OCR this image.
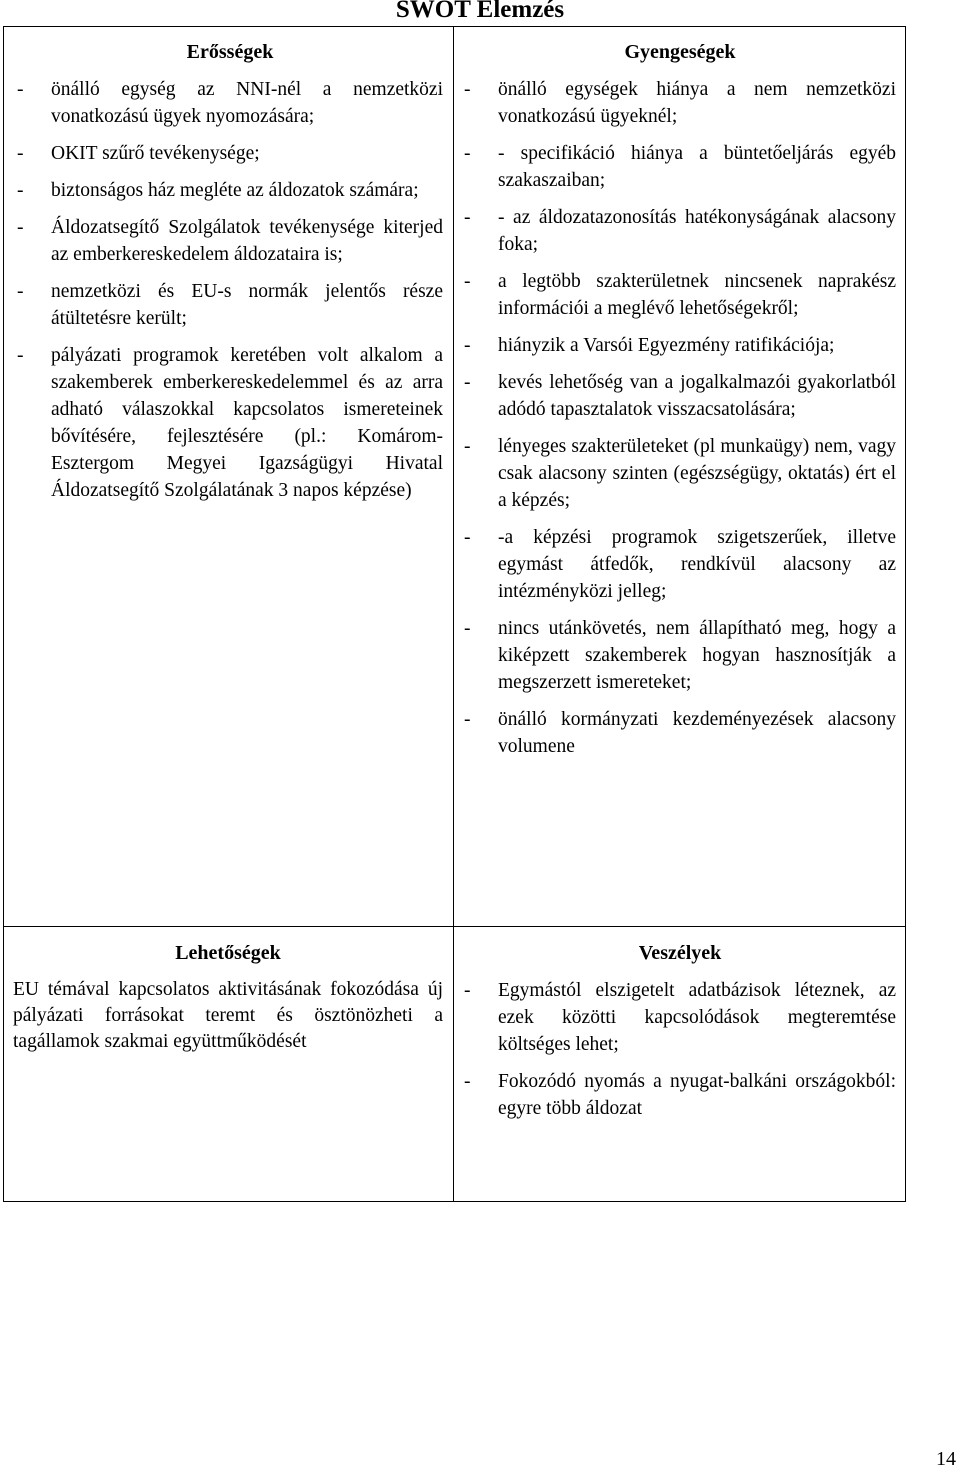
SWOT Elemzés
Erősségek
- önálló egység az NNI-nél a nemzetközi vonatkozású ügyek nyomozására;
- OKIT szűrő tevékenysége;
- biztonságos ház megléte az áldozatok számára;
- Áldozatsegítő Szolgálatok tevékenysége kiterjed az emberkereskedelem áldozataira is;
- nemzetközi és EU-s normák jelentős része átültetésre került;
- pályázati programok keretében volt alkalom a szakemberek emberkereskedelemmel és az arra adható válaszokkal kapcsolatos ismereteinek bővítésére, fejlesztésére (pl.: Komárom-Esztergom Megyei Igazságügyi Hivatal Áldozatsegítő Szolgálatának 3 napos képzése)
Gyengeségek
- önálló egységek hiánya a nem nemzetközi vonatkozású ügyeknél;
- - specifikáció hiánya a büntetőeljárás egyéb szakaszaiban;
- - az áldozatazonosítás hatékonyságának alacsony foka;
- a legtöbb szakterületnek nincsenek naprakész információi a meglévő lehetőségekről;
- hiányzik a Varsói Egyezmény ratifikációja;
- kevés lehetőség van a jogalkalmazói gyakorlatból adódó tapasztalatok visszacsatolására;
- lényeges szakterületeket (pl munkaügy) nem, vagy csak alacsony szinten (egészségügy, oktatás) ért el a képzés;
- -a képzési programok szigetszerűek, illetve egymást átfedők, rendkívül alacsony az intézményközi jelleg;
- nincs utánkövetés, nem állapítható meg, hogy a kiképzett szakemberek hogyan hasznosítják a megszerzett ismereteket;
- önálló kormányzati kezdeményezések alacsony volumene
Lehetőségek

EU témával kapcsolatos aktivitásának fokozódása új pályázati forrásokat teremt és ösztönözheti a tagállamok szakmai együttműködését

Veszélyek
- Egymástól elszigetelt adatbázisok léteznek, az ezek közötti kapcsolódások megteremtése költséges lehet;
- Fokozódó nyomás a nyugat-balkáni országokból: egyre több áldozat
14
